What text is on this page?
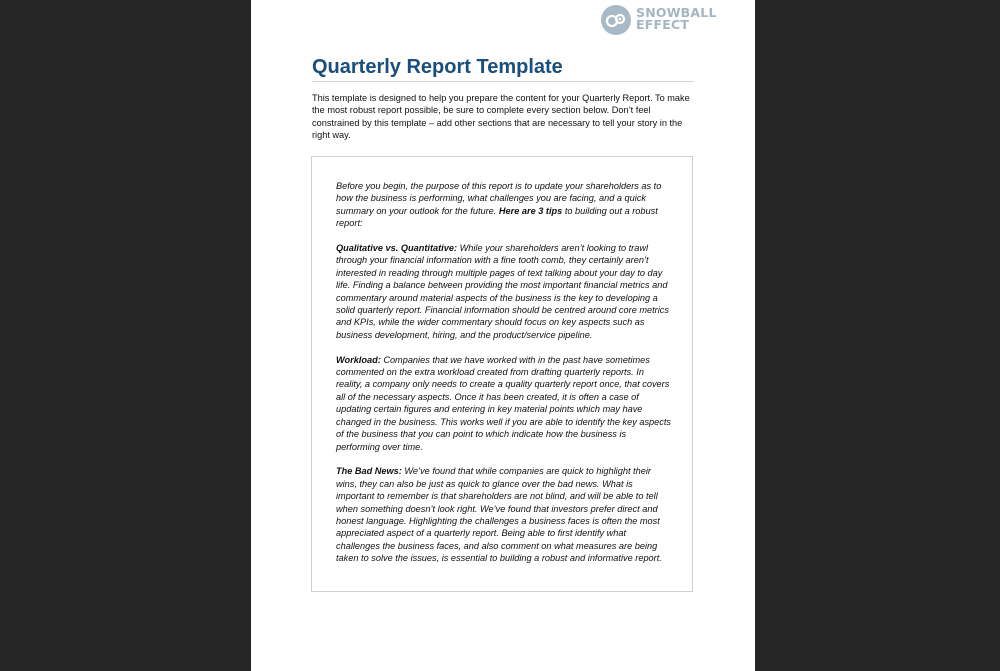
SNOWBALL
EFFECT
Quarterly Report Template

This template is designed to help you prepare the content for your Quarterly Report. To make the most robust report possible, be sure to complete every section below. Don’t feel constrained by this template – add other sections that are necessary to tell your story in the right way.

Before you begin, the purpose of this report is to update your shareholders as to how the business is performing, what challenges you are facing, and a quick summary on your outlook for the future. Here are 3 tips to building out a robust report:

Qualitative vs. Quantitative: While your shareholders aren’t looking to trawl through your financial information with a fine tooth comb, they certainly aren’t interested in reading through multiple pages of text talking about your day to day life. Finding a balance between providing the most important financial metrics and commentary around material aspects of the business is the key to developing a solid quarterly report. Financial information should be centred around core metrics and KPIs, while the wider commentary should focus on key aspects such as business development, hiring, and the product/service pipeline.

Workload: Companies that we have worked with in the past have sometimes commented on the extra workload created from drafting quarterly reports. In reality, a company only needs to create a quality quarterly report once, that covers all of the necessary aspects. Once it has been created, it is often a case of updating certain figures and entering in key material points which may have changed in the business. This works well if you are able to identify the key aspects of the business that you can point to which indicate how the business is performing over time.

The Bad News: We’ve found that while companies are quick to highlight their wins, they can also be just as quick to glance over the bad news. What is important to remember is that shareholders are not blind, and will be able to tell when something doesn’t look right. We’ve found that investors prefer direct and honest language. Highlighting the challenges a business faces is often the most appreciated aspect of a quarterly report. Being able to first identify what challenges the business faces, and also comment on what measures are being taken to solve the issues, is essential to building a robust and informative report.
